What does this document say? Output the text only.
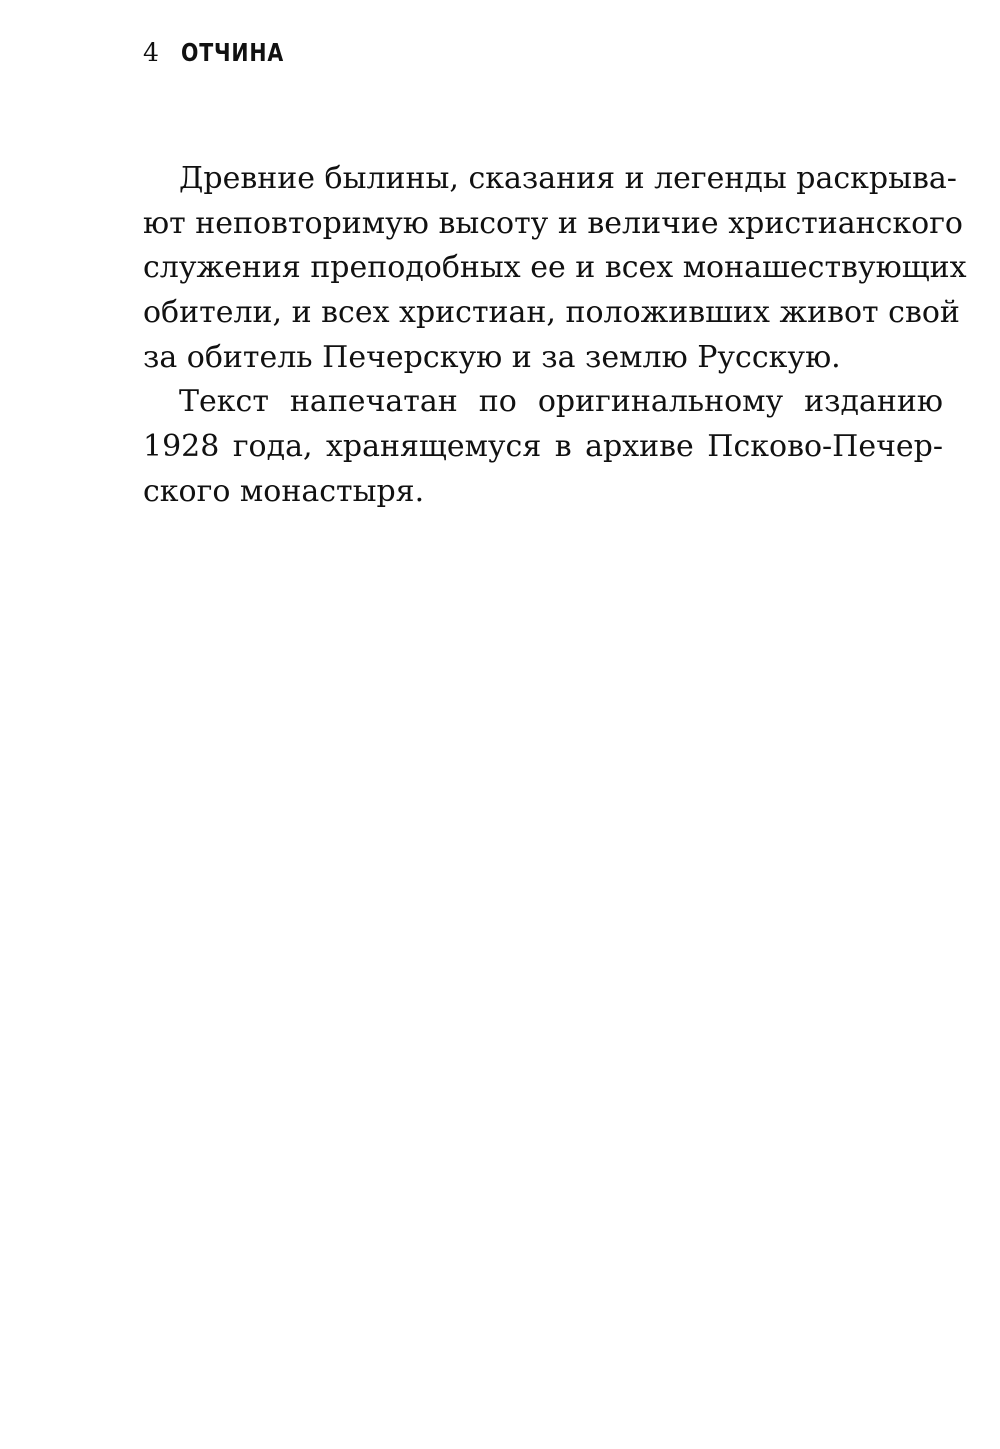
4 ОТЧИНА
Древние былины, сказания и легенды раскрыва-
ют неповторимую высоту и величие христианского
служения преподобных ее и всех монашествующих
обители, и всех христиан, положивших живот свой
за обитель Печерскую и за землю Русскую.
Текст напечатан по оригинальному изданию
1928 года, хранящемуся в архиве Псково-Печер-
ского монастыря.
